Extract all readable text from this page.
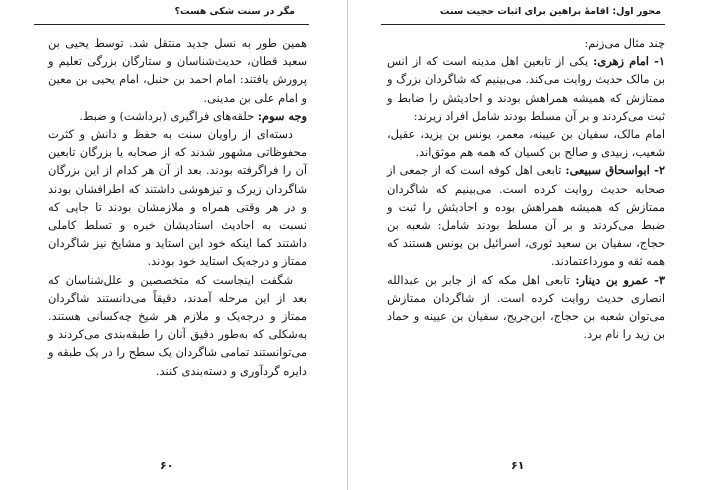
مگر در سنت شکی هست؟

همین طور به نسل جدید منتقل شد. توسط یحیی بن سعید قطان، حدیث‌شناسان و ستارگان بزرگی تعلیم و پرورش یافتند: امام احمد بن حنبل، امام یحیی بن معین و امام علی بن مدینی.

وجه سوم: حلقه‌های فراگیری (برداشت) و ضبط.

دسته‌ای از راویان سنت به حفظ و دانش و کثرت محفوظاتی مشهور شدند که از صحابه یا بزرگان تابعین آن را فراگرفته بودند. بعد از آن هر کدام از این بزرگان شاگردان زیرک و تیزهوشی داشتند که اطرافشان بودند و در هر وقتی همراه و ملازمشان بودند تا جایی که نسبت به احادیث استادیشان خبره و تسلط کاملی داشتند کما اینکه خود این استاید و مشایخ نیز شاگردان ممتاز و درجه‌یک استاید خود بودند.

شگفت اینجاست که متخصصین و علل‌شناسان که بعد از این مرحله آمدند، دقیقاً می‌دانستند شاگردان ممتاز و درجه‌یک و ملازم هر شیخ چه‌کسانی هستند. به‌شکلی که به‌طور دقیق آنان را طبقه‌بندی می‌کردند و می‌توانستند تمامی شاگردان یک سطح را در یک طبقه و دایره گردآوری و دسته‌بندی کنند.

۶۰
محور اول: اقامهٔ براهین برای اثبات حجیت سنت

چند مثال می‌زنم:

۱- امام زهری: یکی از تابعین اهل مدینه است که از انس بن مالک حدیث روایت می‌کند. می‌بینیم که شاگردان بزرگ و ممتازش که همیشه همراهش بودند و احادیثش را ضابط و ثبت می‌کردند و بر آن مسلط بودند شامل افراد زیرند:

امام مالک، سفیان بن عیینه، معمر، یونس بن یزید، عقیل، شعیب، زبیدی و صالح بن کسیان که همه هم موثق‌اند.

۲- ابواسحاق سبیعی: تابعی اهل کوفه است که از جمعی از صحابه حدیث روایت کرده است. می‌بینیم که شاگردان ممتازش که همیشه همراهش بوده و احادیثش را ثبت و ضبط می‌کردند و بر آن مسلط بودند شامل: شعبه بن حجاج، سفیان بن سعید ثوری، اسرائیل بن یونس هستند که همه ثقه و مورداعتمادند.

۳- عمرو بن دینار: تابعی اهل مکه که از جابر بن عبدالله انصاری حدیث روایت کرده است. از شاگردان ممتازش می‌توان شعبه بن حجاج، ابن‌جریج، سفیان بن عیینه و حماد بن زید را نام برد.

۶۱
